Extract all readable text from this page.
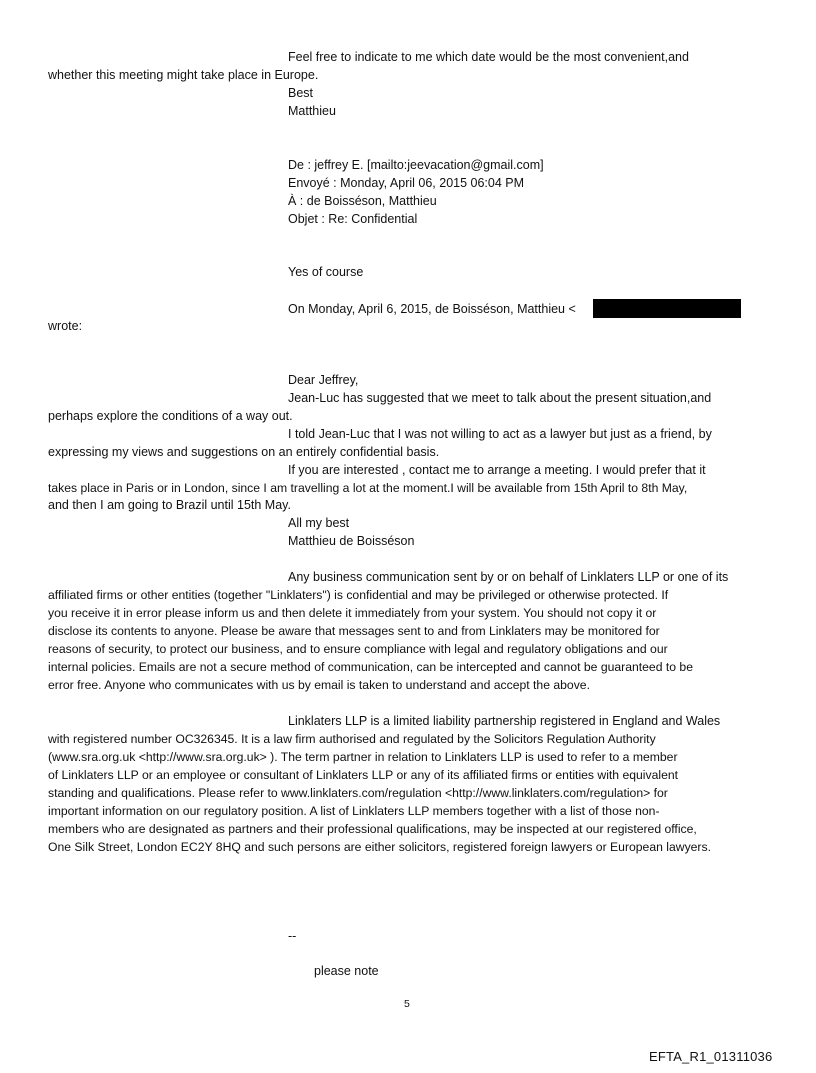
Feel free to indicate to me which date would be the most convenient,and
whether this meeting might take place in Europe.
Best
Matthieu
De : jeffrey E. [mailto:jeevacation@gmail.com]
Envoyé : Monday, April 06, 2015 06:04 PM
À : de Boisséson, Matthieu
Objet : Re: Confidential
Yes of course
On Monday, April 6, 2015, de Boisséson, Matthieu <
wrote:
Dear Jeffrey,
Jean-Luc has suggested that we meet to talk about the present situation,and
perhaps explore the conditions of a way out.
I told Jean-Luc that I was not willing to act as a lawyer but just as a friend, by
expressing my views and suggestions on an entirely confidential basis.
If you are interested , contact me to arrange a meeting. I would prefer that it
takes place in Paris or in London, since I am travelling a lot at the moment.I will be available from 15th April to 8th May,
and then I am going to Brazil until 15th May.
All my best
Matthieu de Boisséson
Any business communication sent by or on behalf of Linklaters LLP or one of its
affiliated firms or other entities (together "Linklaters") is confidential and may be privileged or otherwise protected. If
you receive it in error please inform us and then delete it immediately from your system. You should not copy it or
disclose its contents to anyone. Please be aware that messages sent to and from Linklaters may be monitored for
reasons of security, to protect our business, and to ensure compliance with legal and regulatory obligations and our
internal policies. Emails are not a secure method of communication, can be intercepted and cannot be guaranteed to be
error free. Anyone who communicates with us by email is taken to understand and accept the above.
Linklaters LLP is a limited liability partnership registered in England and Wales
with registered number OC326345. It is a law firm authorised and regulated by the Solicitors Regulation Authority
(www.sra.org.uk <http://www.sra.org.uk> ). The term partner in relation to Linklaters LLP is used to refer to a member
of Linklaters LLP or an employee or consultant of Linklaters LLP or any of its affiliated firms or entities with equivalent
standing and qualifications. Please refer to www.linklaters.com/regulation <http://www.linklaters.com/regulation> for
important information on our regulatory position. A list of Linklaters LLP members together with a list of those non-
members who are designated as partners and their professional qualifications, may be inspected at our registered office,
One Silk Street, London EC2Y 8HQ and such persons are either solicitors, registered foreign lawyers or European lawyers.
--
please note
5
EFTA_R1_01311036
